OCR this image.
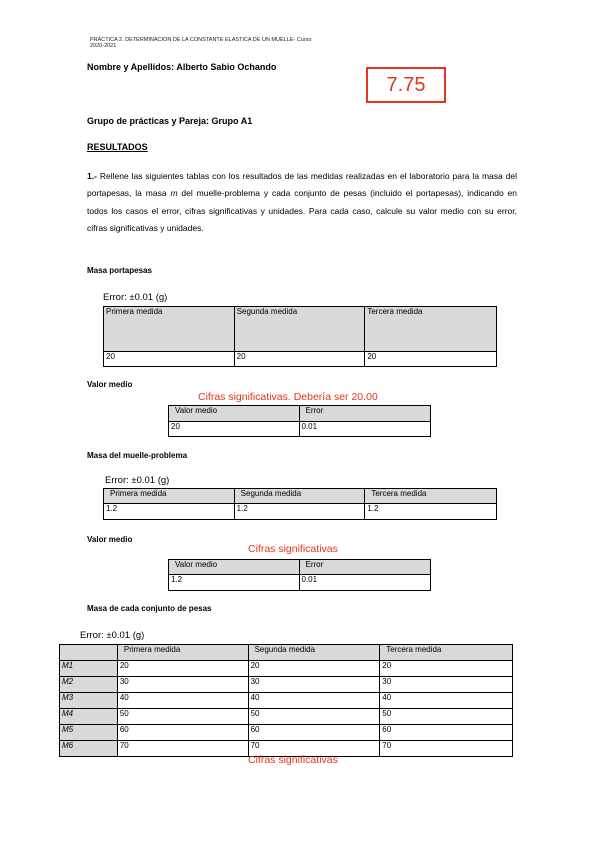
PRACTICA 2. DETERMINACION DE LA CONSTANTE ELASTICA DE UN MUELLE- Curso
2020-2021
Nombre y Apellidos: Alberto Sabio Ochando
7.75
Grupo de prácticas y Pareja: Grupo A1
RESULTADOS
1.- Rellene las siguientes tablas con los resultados de las medidas realizadas en el laboratorio para la masa del portapesas, la masa m del muelle-problema y cada conjunto de pesas (incluido el portapesas), indicando en todos los casos el error, cifras significativas y unidades. Para cada caso, calcule su valor medio con su error, cifras significativas y unidades.
Masa portapesas
Error: ±0.01 (g)
Primera medida	Segunda medida	Tercera medida
20	20	20
Valor medio
Cifras significativas. Debería ser 20.00
Valor medio	Error
20	0.01
Masa del muelle-problema
Error: ±0.01 (g)
Primera medida	Segunda medida	Tercera medida
1.2	1.2	1.2
Valor medio
Cifras significativas
Valor medio	Error
1.2	0.01
Masa de cada conjunto de pesas
Error: ±0.01 (g)
	Primera medida	Segunda medida	Tercera medida
M1	20	20	20
M2	30	30	30
M3	40	40	40
M4	50	50	50
M5	60	60	60
M6	70	70	70
Cifras significativas
